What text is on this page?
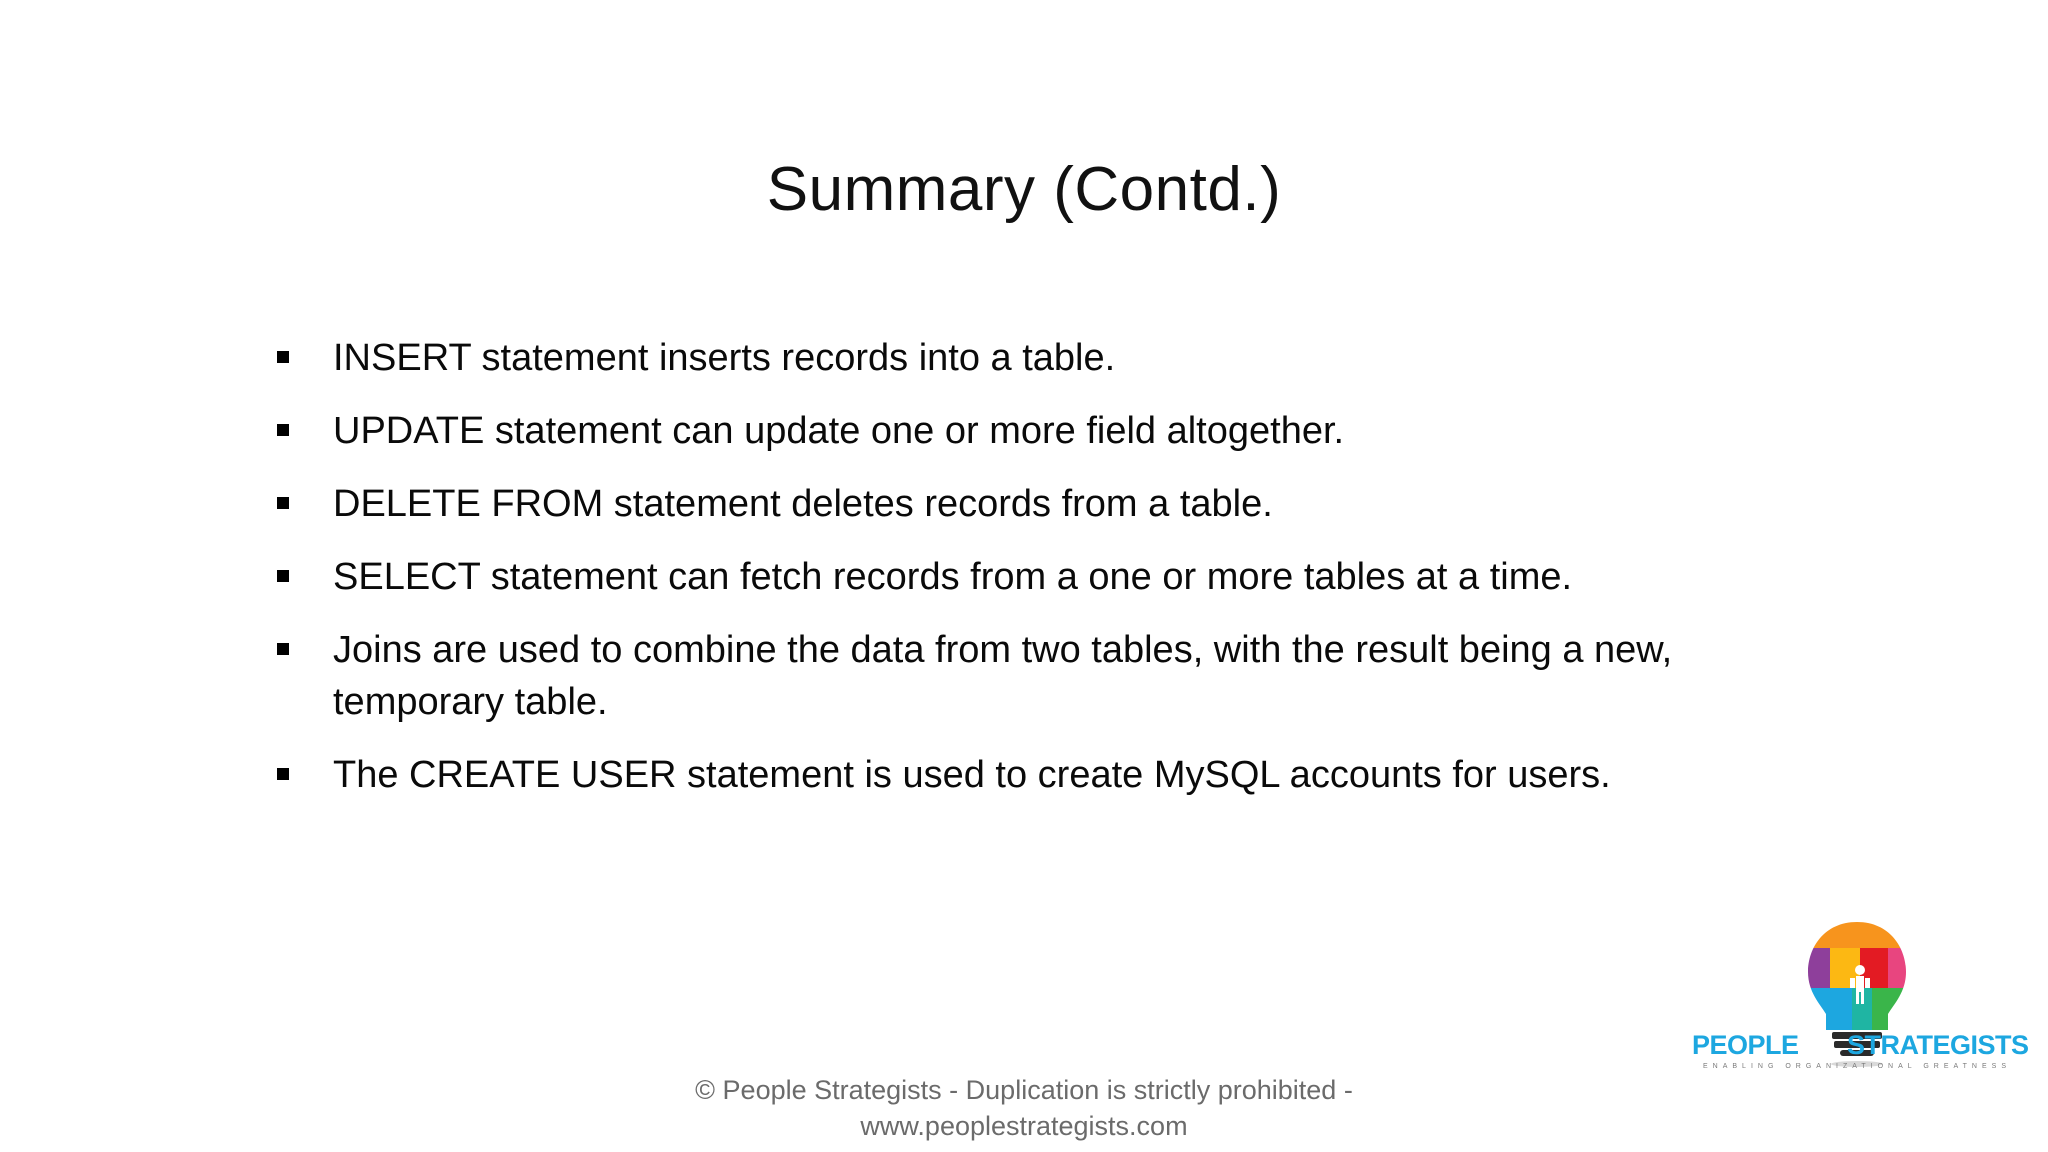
Summary (Contd.)
INSERT statement inserts records into a table.
UPDATE statement can update one or more field altogether.
DELETE FROM statement deletes records from a table.
SELECT statement can fetch records from a one or more tables at a time.
Joins are used to combine the data from two tables, with the result being a new, temporary table.
The CREATE USER statement is used to create MySQL accounts for users.
© People Strategists - Duplication is strictly prohibited -
www.peoplestrategists.com
PEOPLE STRATEGISTS
ENABLING ORGANIZATIONAL GREATNESS
